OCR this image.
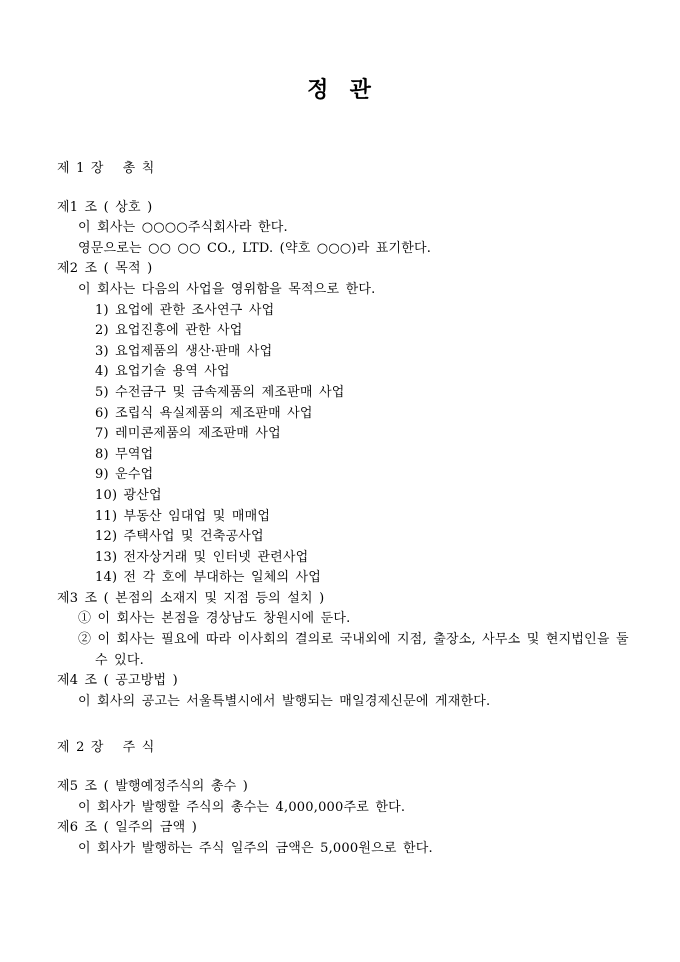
정  관
제 1 장   총 칙
제1 조 ( 상호 )
이 회사는 ○○○○주식회사라 한다.
영문으로는 ○○ ○○ CO., LTD. (약호 ○○○)라 표기한다.
제2 조 ( 목적 )
이 회사는 다음의 사업을 영위함을 목적으로 한다.
1) 요업에 관한 조사연구 사업
2) 요업진흥에 관한 사업
3) 요업제품의 생산·판매 사업
4) 요업기술 용역 사업
5) 수전금구 및 금속제품의 제조판매 사업
6) 조립식 욕실제품의 제조판매 사업
7) 레미콘제품의 제조판매 사업
8) 무역업
9) 운수업
10) 광산업
11) 부동산 임대업 및 매매업
12) 주택사업 및 건축공사업
13) 전자상거래 및 인터넷 관련사업
14) 전 각 호에 부대하는 일체의 사업
제3 조 ( 본점의 소재지 및 지점 등의 설치 )
① 이 회사는 본점을 경상남도 창원시에 둔다.
② 이 회사는 필요에 따라 이사회의 결의로 국내외에 지점, 출장소, 사무소 및 현지법인을 둘
수 있다.
제4 조 ( 공고방법 )
이 회사의 공고는 서울특별시에서 발행되는 매일경제신문에 게재한다.
제 2 장   주 식
제5 조 ( 발행예정주식의 총수 )
이 회사가 발행할 주식의 총수는 4,000,000주로 한다.
제6 조 ( 일주의 금액 )
이 회사가 발행하는 주식 일주의 금액은 5,000원으로 한다.
